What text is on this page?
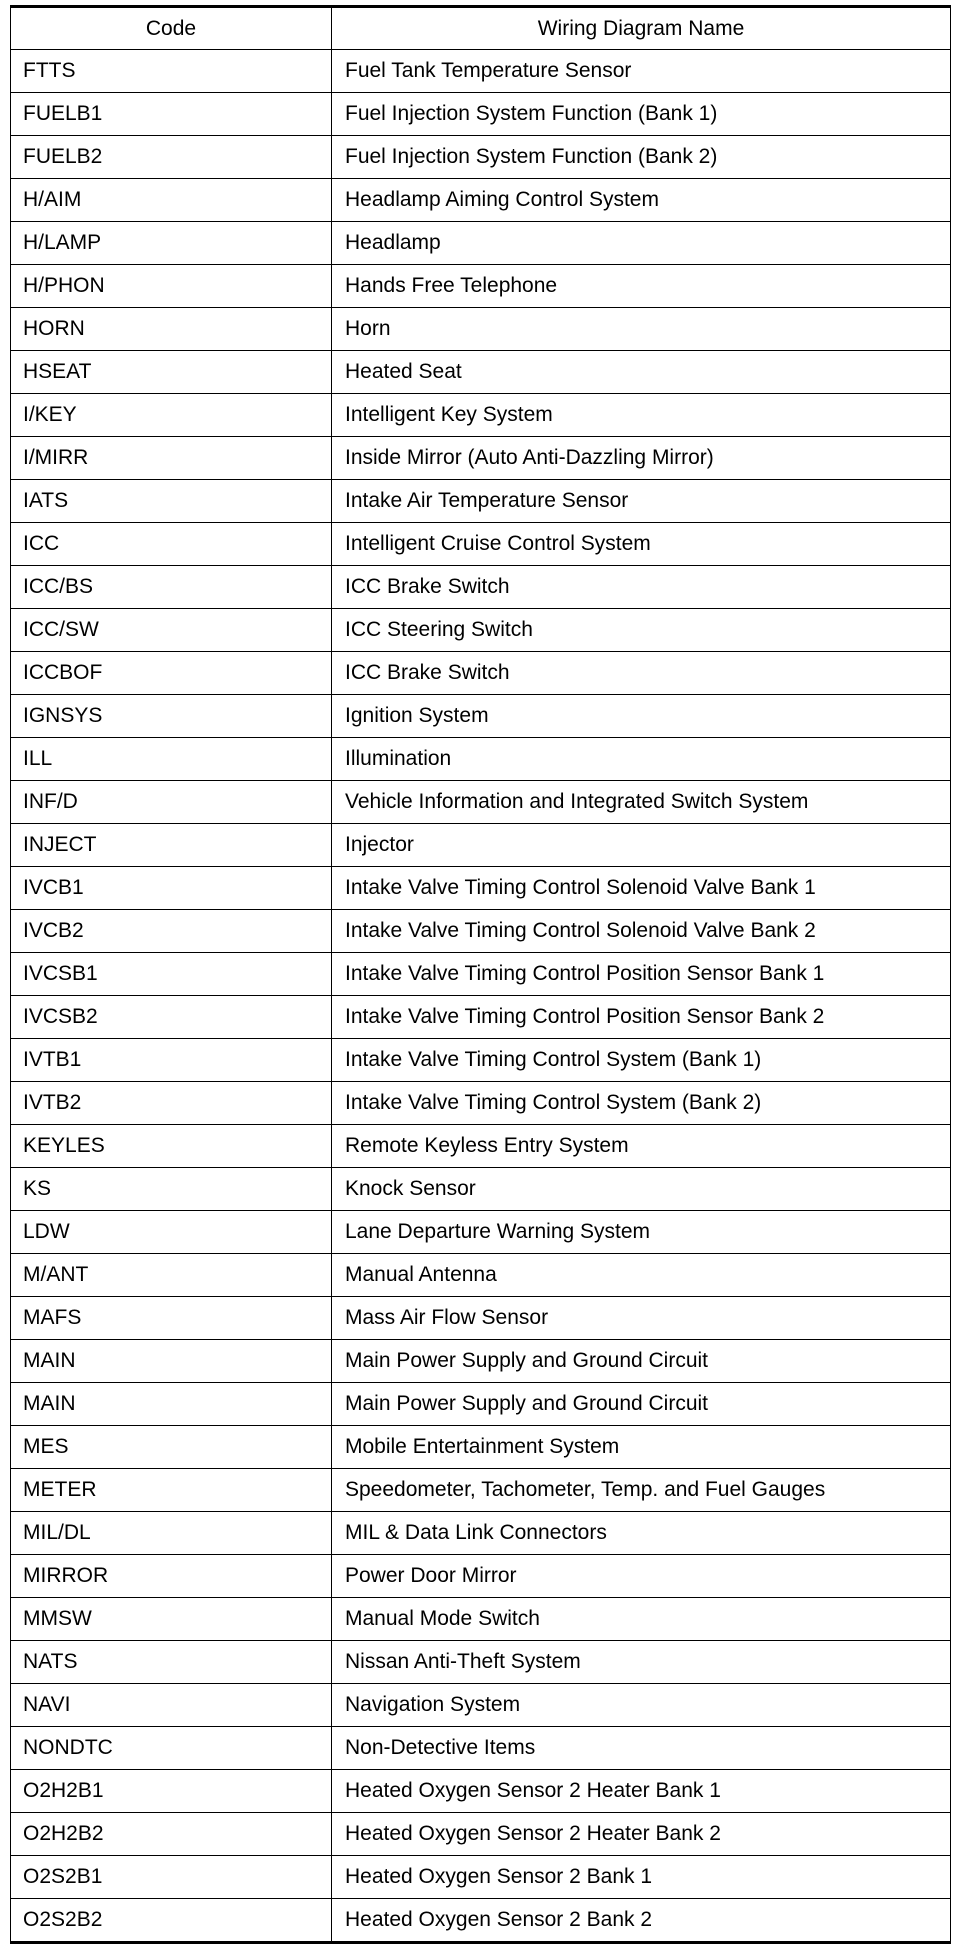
Code	Wiring Diagram Name
FTTS	Fuel Tank Temperature Sensor
FUELB1	Fuel Injection System Function (Bank 1)
FUELB2	Fuel Injection System Function (Bank 2)
H/AIM	Headlamp Aiming Control System
H/LAMP	Headlamp
H/PHON	Hands Free Telephone
HORN	Horn
HSEAT	Heated Seat
I/KEY	Intelligent Key System
I/MIRR	Inside Mirror (Auto Anti-Dazzling Mirror)
IATS	Intake Air Temperature Sensor
ICC	Intelligent Cruise Control System
ICC/BS	ICC Brake Switch
ICC/SW	ICC Steering Switch
ICCBOF	ICC Brake Switch
IGNSYS	Ignition System
ILL	Illumination
INF/D	Vehicle Information and Integrated Switch System
INJECT	Injector
IVCB1	Intake Valve Timing Control Solenoid Valve Bank 1
IVCB2	Intake Valve Timing Control Solenoid Valve Bank 2
IVCSB1	Intake Valve Timing Control Position Sensor Bank 1
IVCSB2	Intake Valve Timing Control Position Sensor Bank 2
IVTB1	Intake Valve Timing Control System (Bank 1)
IVTB2	Intake Valve Timing Control System (Bank 2)
KEYLES	Remote Keyless Entry System
KS	Knock Sensor
LDW	Lane Departure Warning System
M/ANT	Manual Antenna
MAFS	Mass Air Flow Sensor
MAIN	Main Power Supply and Ground Circuit
MAIN	Main Power Supply and Ground Circuit
MES	Mobile Entertainment System
METER	Speedometer, Tachometer, Temp. and Fuel Gauges
MIL/DL	MIL & Data Link Connectors
MIRROR	Power Door Mirror
MMSW	Manual Mode Switch
NATS	Nissan Anti-Theft System
NAVI	Navigation System
NONDTC	Non-Detective Items
O2H2B1	Heated Oxygen Sensor 2 Heater Bank 1
O2H2B2	Heated Oxygen Sensor 2 Heater Bank 2
O2S2B1	Heated Oxygen Sensor 2 Bank 1
O2S2B2	Heated Oxygen Sensor 2 Bank 2
